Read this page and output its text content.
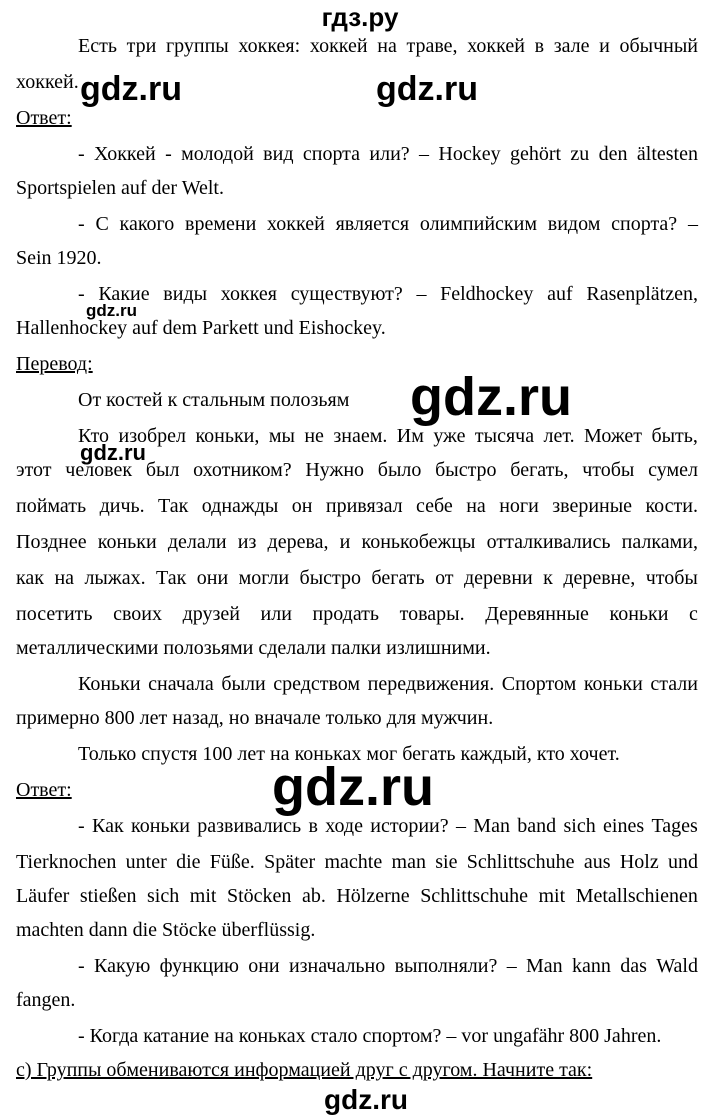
гдз.ру
Есть три группы хоккея: хоккей на траве, хоккей в зале и обычный
хоккей.
Ответ:
- Хоккей - молодой вид спорта или? – Hockey gehört zu den ältesten
Sportspielen auf der Welt.
- С какого времени хоккей является олимпийским видом спорта? –
Sein 1920.
- Какие виды хоккея существуют? – Feldhockey auf Rasenplätzen,
Hallenhockey auf dem Parkett und Eishockey.
Перевод:
От костей к стальным полозьям
Кто изобрел коньки, мы не знаем. Им уже тысяча лет. Может быть,
этот человек был охотником? Нужно было быстро бегать, чтобы сумел
поймать дичь. Так однажды он привязал себе на ноги звериные кости.
Позднее коньки делали из дерева, и конькобежцы отталкивались палками,
как на лыжах. Так они могли быстро бегать от деревни к деревне, чтобы
посетить своих друзей или продать товары. Деревянные коньки с
металлическими полозьями сделали палки излишними.
Коньки сначала были средством передвижения. Спортом коньки стали
примерно 800 лет назад, но вначале только для мужчин.
Только спустя 100 лет на коньках мог бегать каждый, кто хочет.
Ответ:
- Как коньки развивались в ходе истории? – Man band sich eines Tages
Tierknochen unter die Füße. Später machte man sie Schlittschuhe aus Holz und
Läufer stießen sich mit Stöcken ab. Hölzerne Schlittschuhe mit Metallschienen
machten dann die Stöcke überflüssig.
- Какую функцию они изначально выполняли? – Man kann das Wald
fangen.
- Когда катание на коньках стало спортом? – vor ungafähr 800 Jahren.
c) Группы обмениваются информацией друг с другом. Начните так:
gdz.ru	gdz.ru
gdz.ru
gdz.ru
gdz.ru
gdz.ru
gdz.ru
